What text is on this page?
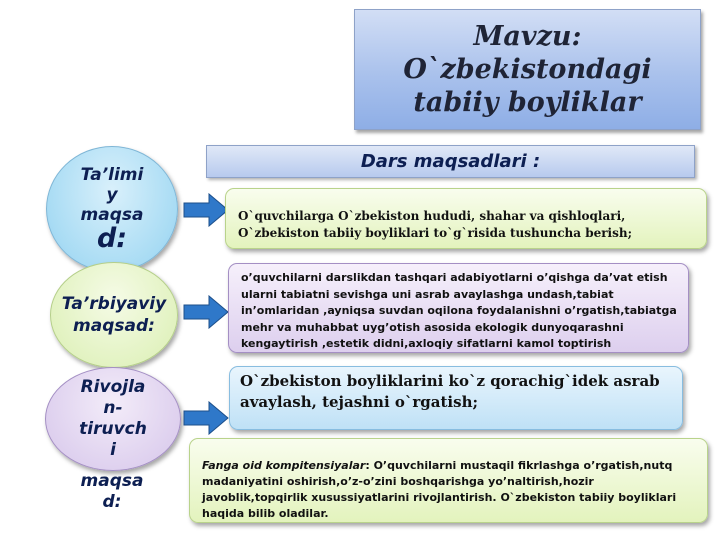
Mavzu:
O`zbekistondagi
tabiiy boyliklar
Dars maqsadlari :
Ta’limi
y
maqsa
d:
Ta’rbiyaviy
maqsad:
Rivojla
n-
tiruvch
i
maqsa
d:
O`quvchilarga O`zbekiston hududi, shahar va qishloqlari, O`zbekiston tabiiy boyliklari to`g`risida tushuncha berish;
o’quvchilarni darslikdan tashqari adabiyotlarni o’qishga da’vat etish ularni tabiatni sevishga uni asrab avaylashga undash,tabiat in’omlaridan ,ayniqsa suvdan oqilona foydalanishni o’rgatish,tabiatga mehr va muhabbat uyg’otish asosida ekologik dunyoqarashni kengaytirish ,estetik didni,axloqiy sifatlarni kamol toptirish
O`zbekiston boyliklarini ko`z qorachig`idek asrab avaylash, tejashni o`rgatish;
Fanga oid kompitensiyalar: O’quvchilarni mustaqil fikrlashga o’rgatish,nutq madaniyatini oshirish,o’z-o’zini boshqarishga yo’naltirish,hozir javoblik,topqirlik xusussiyatlarini rivojlantirish. O`zbekiston tabiiy boyliklari haqida bilib oladilar.
